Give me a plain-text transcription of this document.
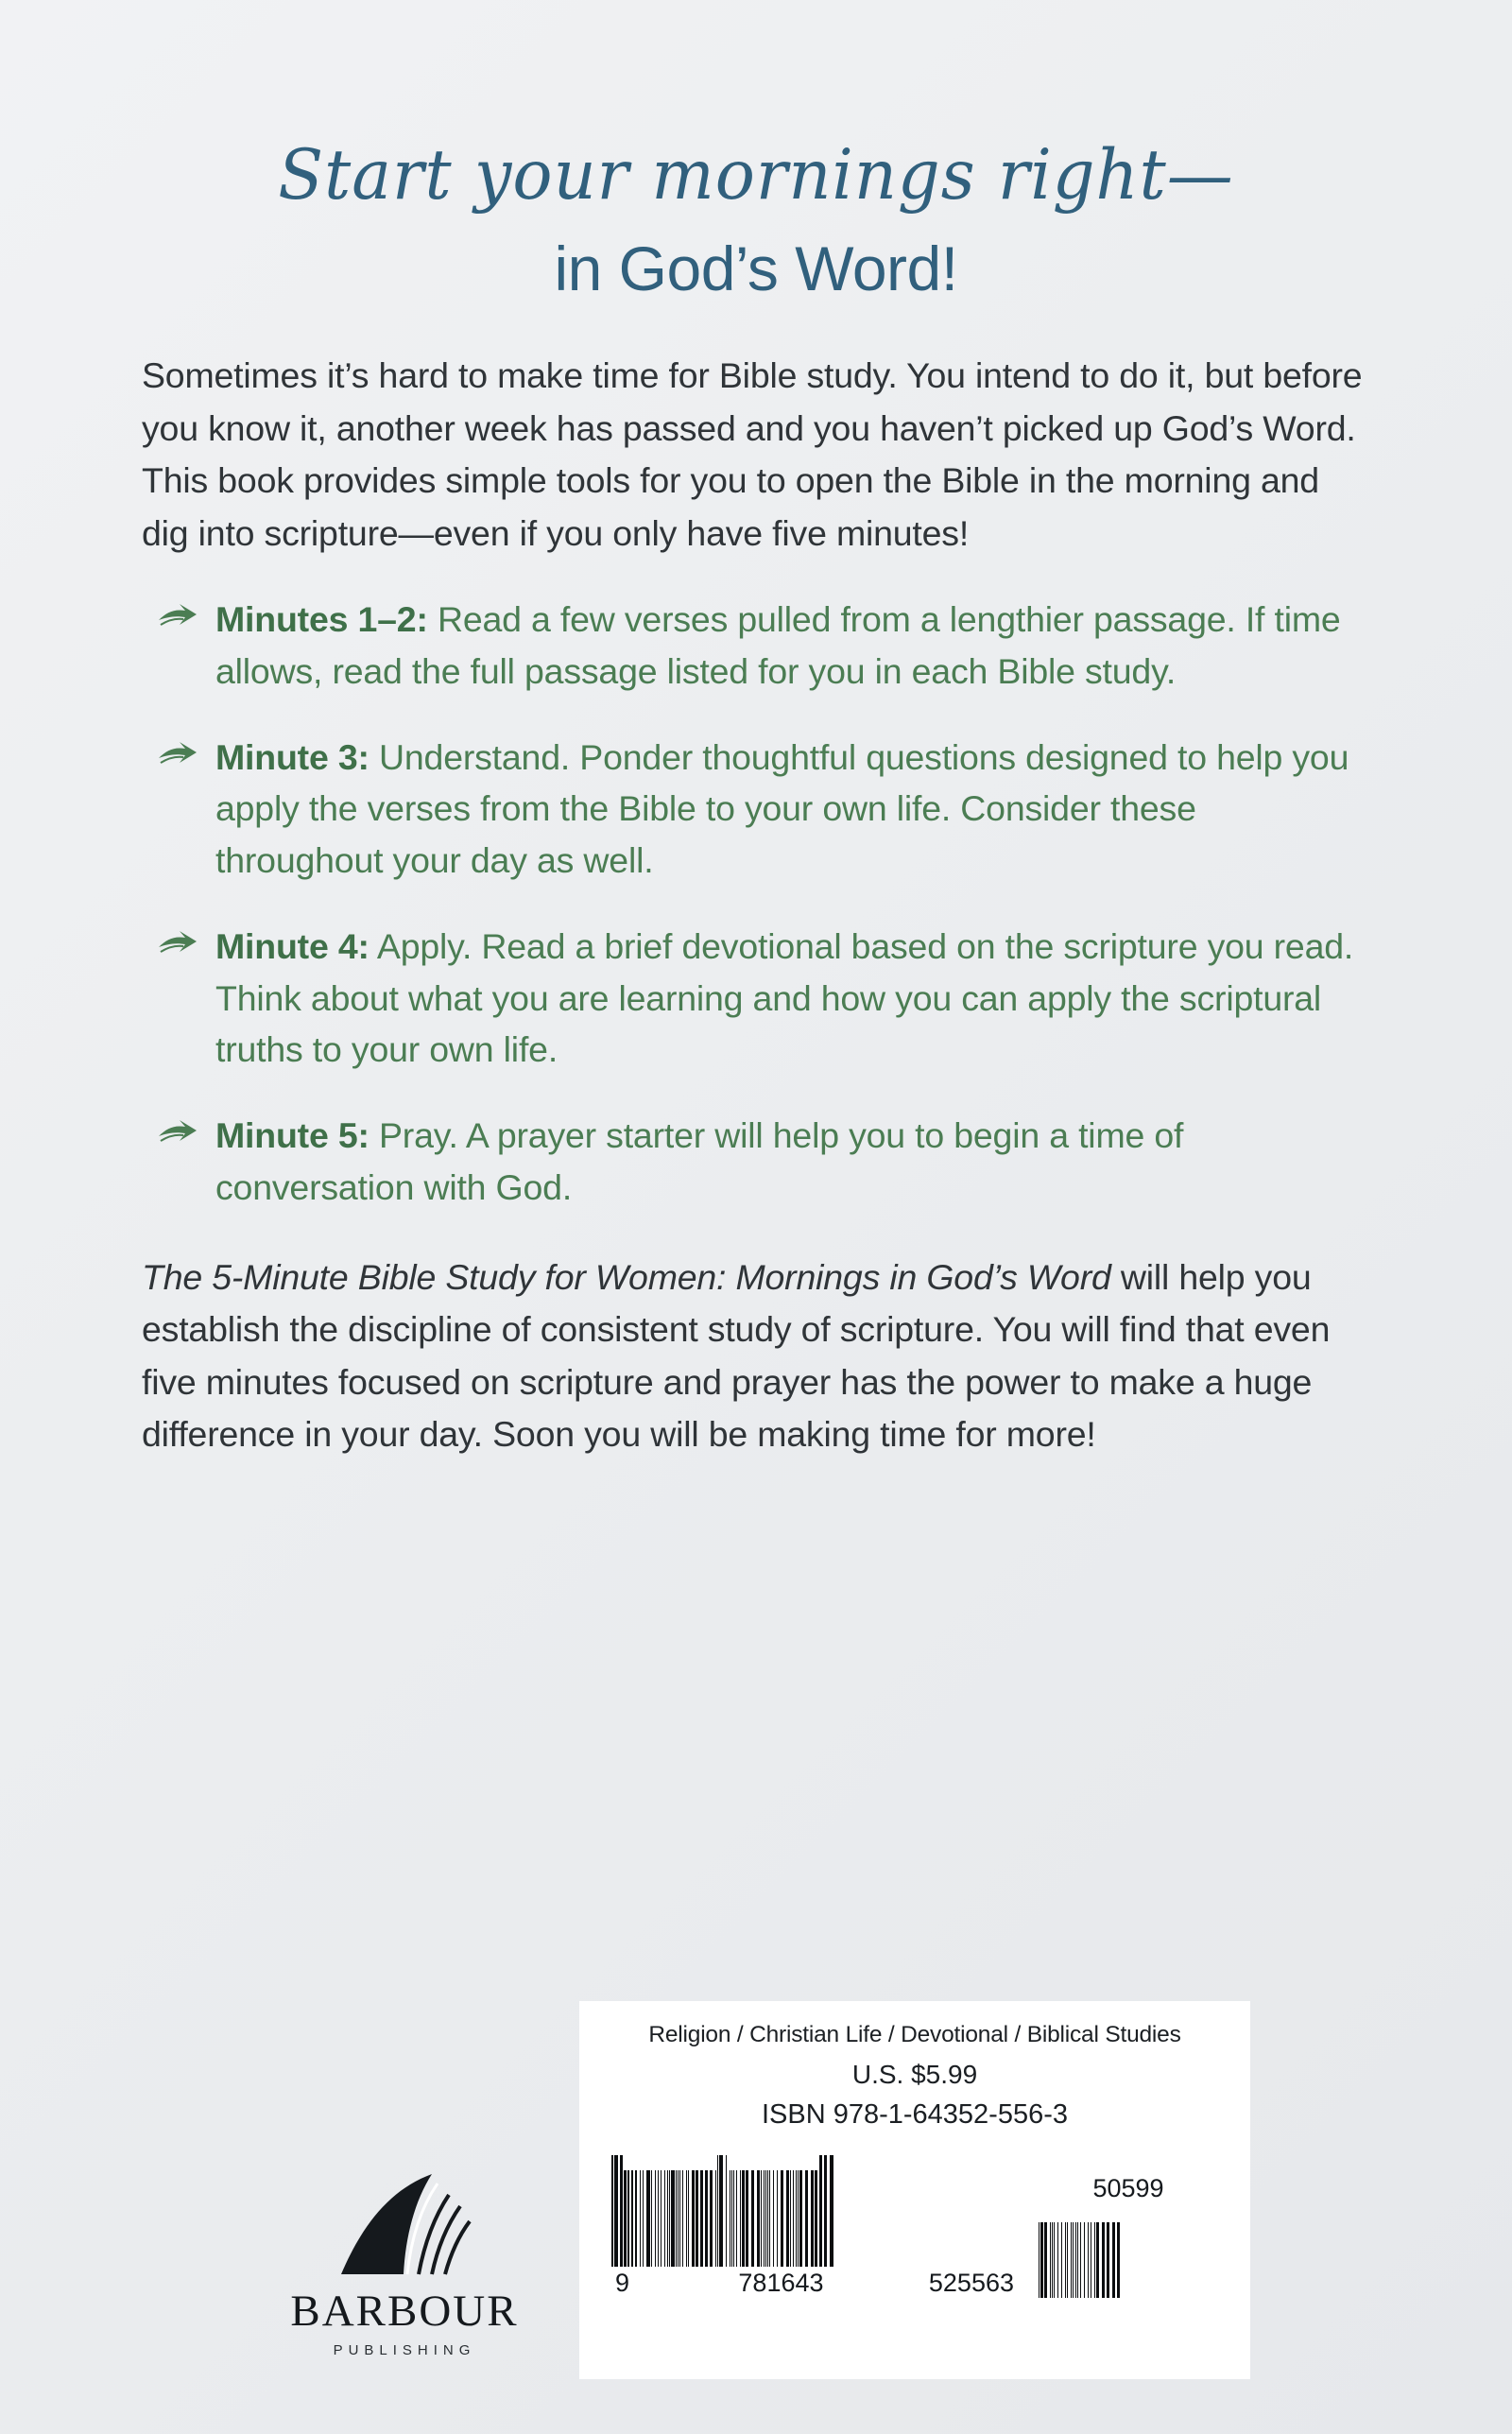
Start your mornings right—
in God’s Word!

Sometimes it’s hard to make time for Bible study. You intend to do it, but before you know it, another week has passed and you haven’t picked up God’s Word. This book provides simple tools for you to open the Bible in the morning and dig into scripture—even if you only have five minutes!

Minutes 1–2: Read a few verses pulled from a lengthier passage. If time allows, read the full passage listed for you in each Bible study.
Minute 3: Understand. Ponder thoughtful questions designed to help you apply the verses from the Bible to your own life. Consider these throughout your day as well.
Minute 4: Apply. Read a brief devotional based on the scripture you read. Think about what you are learning and how you can apply the scriptural truths to your own life.
Minute 5: Pray. A prayer starter will help you to begin a time of conversation with God.

The 5-Minute Bible Study for Women: Mornings in God’s Word will help you establish the discipline of consistent study of scripture. You will find that even five minutes focused on scripture and prayer has the power to make a huge difference in your day. Soon you will be making time for more!

BARBOUR
PUBLISHING
Religion / Christian Life / Devotional / Biblical Studies
U.S. $5.99
ISBN 978-1-64352-556-3
9	781643	525563
50599
